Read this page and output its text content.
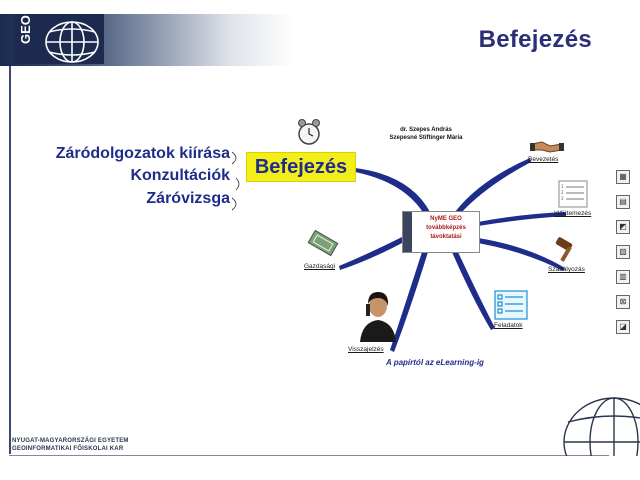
GEO	Befejezés
NYUGAT-MAGYARORSZÁGI EGYETEM
GEOINFORMATIKAI FŐISKOLAI KAR
▦
▤
◩
▨
▥
⊠
◪
Záródolgozatok kiírása
Konzultációk
Záróvizsga
Befejezés
dr. Szepes András
Szepesné Stiftinger Mária
NyME GEO
továbbképzés
távoktatási
Bevezetés
1
2
3
Időütemezés
Szabályozás
Feladatok
Visszajelzés
Gazdasági
A papírtól az eLearning-ig
